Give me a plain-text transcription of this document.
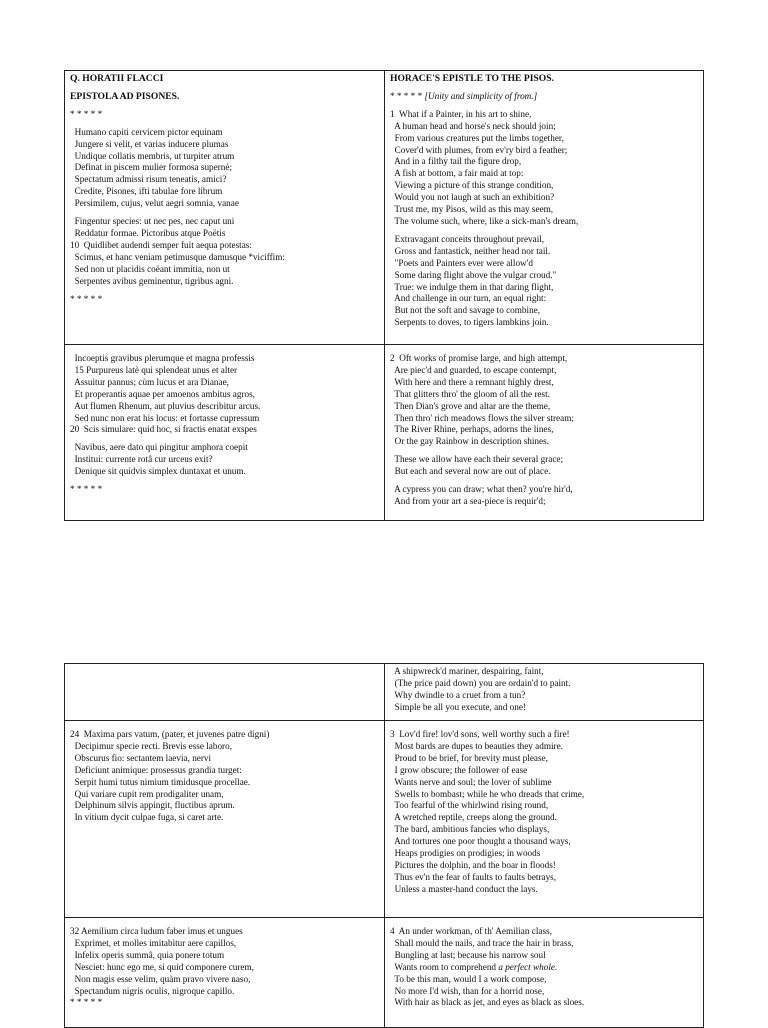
Q. HORATII FLACCI
EPISTOLA AD PISONES.
* * * * *
Humano capiti cervicem pictor equinam
Jungere si velit, et varias inducere plumas
Undique collatis membris, ut turpiter atrum
Definat in piscem mulier formosa supernè;
Spectatum admissi risum teneatis, amici?
Credite, Pisones, ifti tabulae fore librum
Persimilem, cujus, velut aegri somnia, vanae
Fingentur species: ut nec pes, nec caput uni
Reddatur formae. Pictoribus atque Poëtis
10  Quidlibet audendi semper fuit aequa potestas:
Scimus, et hanc veniam petimusque damusque *viciffim:
Sed non ut placidis coëant immitia, non ut
Serpentes avibus geminentur, tigribus agni.
* * * * *
HORACE'S EPISTLE TO THE PISOS.
* * * * * [Unity and simplicity of from.]
1  What if a Painter, in his art to shine,
A human head and horse's neck should join;
From various creatures put the limbs together,
Cover'd with plumes, from ev'ry bird a feather;
And in a filthy tail the figure drop,
A fish at bottom, a fair maid at top:
Viewing a picture of this strange condition,
Would you not laugh at such an exhibition?
Trust me, my Pisos, wild as this may seem,
The volume such, where, like a sick-man's dream,
Extravagant conceits throughout prevail,
Gross and fantastick, neither head nor tail.
"Poets and Painters ever were allow'd
Some daring flight above the vulgar croud."
True: we indulge them in that daring flight,
And challenge in our turn, an equal right:
But not the soft and savage to combine,
Serpents to doves, to tigers lambkins join.
Incoeptis gravibus plerumque et magna professis
15 Purpureus latè qui splendeat unus et alter
Assuitur pannus; cùm lucus et ara Dianae,
Et properantis aquae per amoenos ambitus agros,
Aut flumen Rhenum, aut pluvius describitur arcus.
Sed nunc non erat his locus: et fortasse cupressum
20  Scis simulare: quid hoc, si fractis enatat exspes
Navibus, aere dato qui pingitur amphora coepit
Institui: currente rotâ cur urceus exit?
Denique sit quidvis simplex duntaxat et unum.
* * * * *
2  Oft works of promise large, and high attempt,
Are piec'd and guarded, to escape contempt,
With here and there a remnant highly drest,
That glitters thro' the gloom of all the rest.
Then Dian's grove and altar are the theme,
Then thro' rich meadows flows the silver stream;
The River Rhine, perhaps, adorns the lines,
Or the gay Rainbow in description shines.
These we allow have each their several grace;
But each and several now are out of place.
A cypress you can draw; what then? you're hir'd,
And from your art a sea-piece is requir'd;
A shipwreck'd mariner, despairing, faint,
(The price paid down) you are ordain'd to paint.
Why dwindle to a cruet from a tun?
Simple be all you execute, and one!
24  Maxima pars vatum, (pater, et juvenes patre digni)
Decipimur specie recti. Brevis esse laboro,
Obscurus fio: sectantem laevia, nervi
Deficiunt animique: prosessus grandia turget:
Serpit humi tutus nimium timidusque procellae.
Qui variare cupit rem prodigaliter unam,
Delphinum silvis appingit, fluctibus aprum.
In vitium dycit culpae fuga, si caret arte.
3  Lov'd fire! lov'd sons, well worthy such a fire!
Most bards are dupes to beauties they admire.
Proud to be brief, for brevity must please,
I grow obscure; the follower of ease
Wants nerve and soul; the lover of sublime
Swells to bombast; while he who dreads that crime,
Too fearful of the whirlwind rising round,
A wretched reptile, creeps along the ground.
The bard, ambitious fancies who displays,
And tortures one poor thought a thousand ways,
Heaps prodigies on prodigies; in woods
Pictures the dolphin, and the boar in floods!
Thus ev'n the fear of faults to faults betrays,
Unless a master-hand conduct the lays.
32 Aemilium circa ludum faber imus et ungues
Exprimet, et molles imitabitur aere capillos,
Infelix operis summâ, quia ponere totum
Nesciet: hunc ego me, si quid componere curem,
Non magis esse velim, quàm pravo vivere naso,
Spectandum nigris oculis, nigroque capillo.
* * * * *
4  An under workman, of th' Aemilian class,
Shall mould the nails, and trace the hair in brass,
Bungling at last; because his narrow soul
Wants room to comprehend a perfect whole.
To be this man, would I a work compose,
No more I'd wish, than for a horrid nose,
With hair as black as jet, and eyes as black as sloes.
